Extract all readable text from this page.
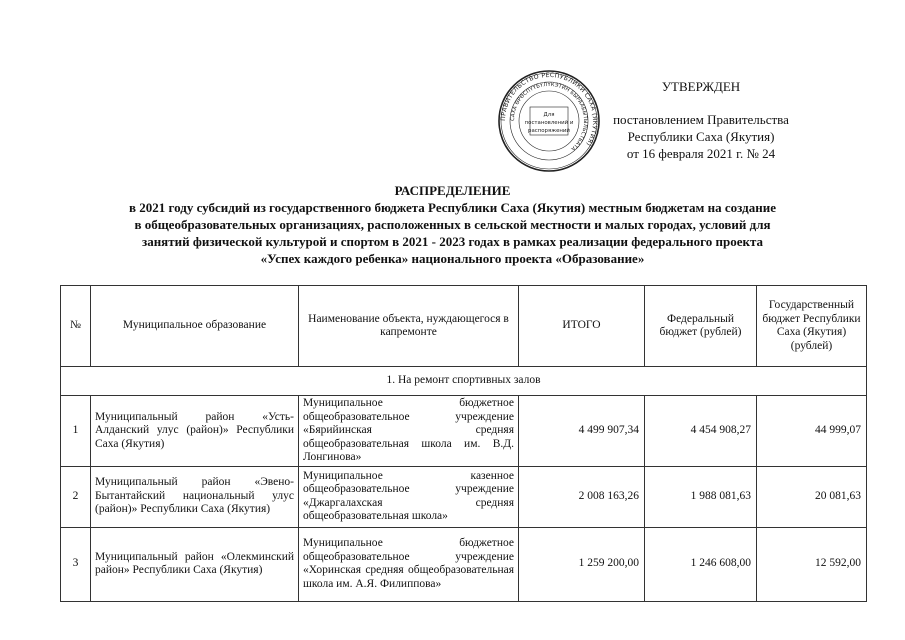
ПРАВИТЕЛЬСТВО РЕСПУБЛИКИ САХА (ЯКУТИЯ)
САХА ӨРӨСПҮҮБҮЛҮКЭТИН БЫРААБЫТЫЛЬСТБАТА
Для
постановлений и
распоряжений
УТВЕРЖДЕН
постановлением Правительства
Республики Саха (Якутия)
от 16 февраля 2021 г. № 24
РАСПРЕДЕЛЕНИЕ
в 2021 году субсидий из государственного бюджета Республики Саха (Якутия) местным бюджетам на создание
в общеобразовательных организациях, расположенных в сельской местности и малых городах, условий для
занятий физической культурой и спортом в 2021 - 2023 годах в рамках реализации федерального проекта
«Успех каждого ребенка» национального проекта «Образование»
№	Муниципальное образование	Наименование объекта, нуждающегося в капремонте	ИТОГО	Федеральный бюджет (рублей)	Государственный бюджет Республики Саха (Якутия) (рублей)
1. На ремонт спортивных залов					
1	Муниципальный район «Усть-Алданский улус (район)» Республики Саха (Якутия)	Муниципальное бюджетное общеобразовательное учреждение «Бярийинская средняя общеобразовательная школа им. В.Д. Лонгинова»	4 499 907,34	4 454 908,27	44 999,07
2	Муниципальный район «Эвено-Бытантайский национальный улус (район)» Республики Саха (Якутия)	Муниципальное казенное общеобразовательное учреждение «Джаргалахская средняя общеобразовательная школа»	2 008 163,26	1 988 081,63	20 081,63
3	Муниципальный район «Олекминский район» Республики Саха (Якутия)	Муниципальное бюджетное общеобразовательное учреждение «Хоринская средняя общеобразовательная школа им. А.Я. Филиппова»	1 259 200,00	1 246 608,00	12 592,00
